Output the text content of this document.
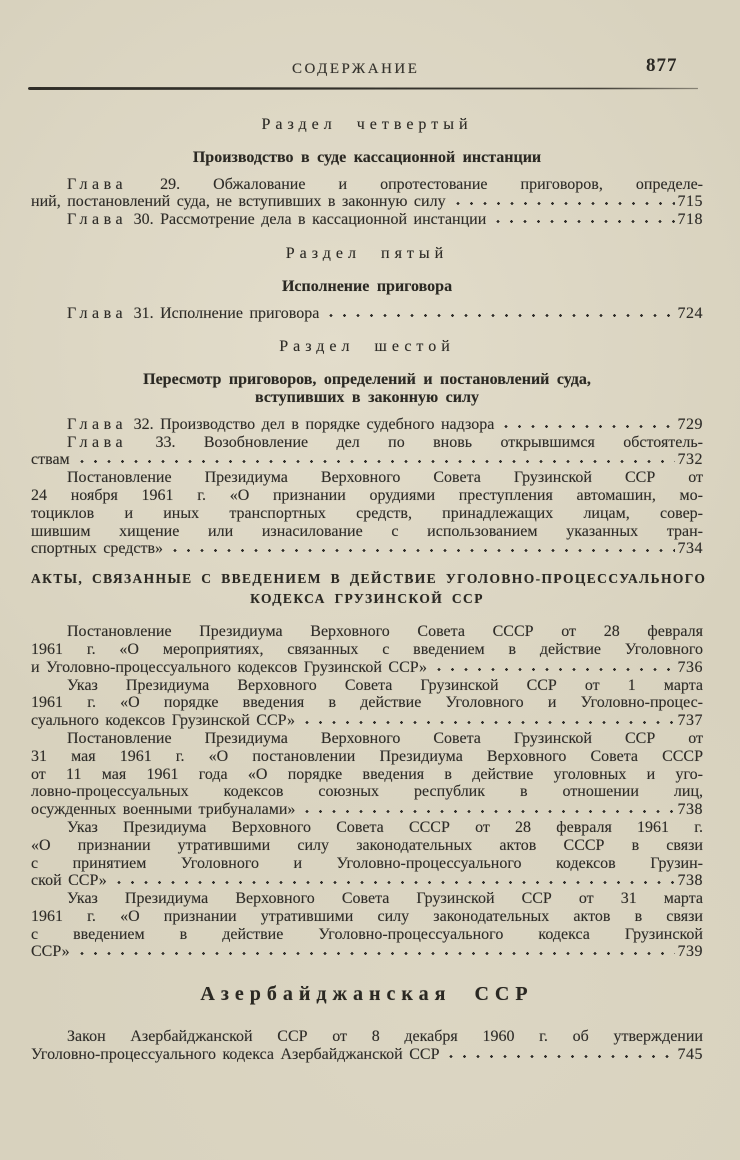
СОДЕРЖАНИЕ	877
Раздел четвертый
Производство в суде кассационной инстанции
Глава 29. Обжалование и опротестование приговоров, определе-
ний, постановлений суда, не вступивших в законную силу	715
Глава 30. Рассмотрение дела в кассационной инстанции	718
Раздел пятый
Исполнение приговора
Глава 31. Исполнение приговора	724
Раздел шестой
Пересмотр приговоров, определений и постановлений суда,
вступивших в законную силу
Глава 32. Производство дел в порядке судебного надзора	729
Глава 33. Возобновление дел по вновь открывшимся обстоятель-
ствам	732
Постановление Президиума Верховного Совета Грузинской ССР от
24 ноября 1961 г. «О признании орудиями преступления автомашин, мо-
тоциклов и иных транспортных средств, принадлежащих лицам, совер-
шившим хищение или изнасилование с использованием указанных тран-
спортных средств»	734
АКТЫ, СВЯЗАННЫЕ С ВВЕДЕНИЕМ В ДЕЙСТВИЕ УГОЛОВНО-ПРОЦЕССУАЛЬНОГО
КОДЕКСА ГРУЗИНСКОЙ ССР
Постановление Президиума Верховного Совета СССР от 28 февраля
1961 г. «О мероприятиях, связанных с введением в действие Уголовного
и Уголовно-процессуального кодексов Грузинской ССР»	736
Указ Президиума Верховного Совета Грузинской ССР от 1 марта
1961 г. «О порядке введения в действие Уголовного и Уголовно-процес-
суального кодексов Грузинской ССР»	737
Постановление Президиума Верховного Совета Грузинской ССР от
31 мая 1961 г. «О постановлении Президиума Верховного Совета СССР
от 11 мая 1961 года «О порядке введения в действие уголовных и уго-
ловно-процессуальных кодексов союзных республик в отношении лиц,
осужденных военными трибуналами»	738
Указ Президиума Верховного Совета СССР от 28 февраля 1961 г.
«О признании утратившими силу законодательных актов СССР в связи
с принятием Уголовного и Уголовно-процессуального кодексов Грузин-
ской ССР»	738
Указ Президиума Верховного Совета Грузинской ССР от 31 марта
1961 г. «О признании утратившими силу законодательных актов в связи
с введением в действие Уголовно-процессуального кодекса Грузинской
ССР»	739
Азербайджанская ССР
Закон Азербайджанской ССР от 8 декабря 1960 г. об утверждении
Уголовно-процессуального кодекса Азербайджанской ССР	745
